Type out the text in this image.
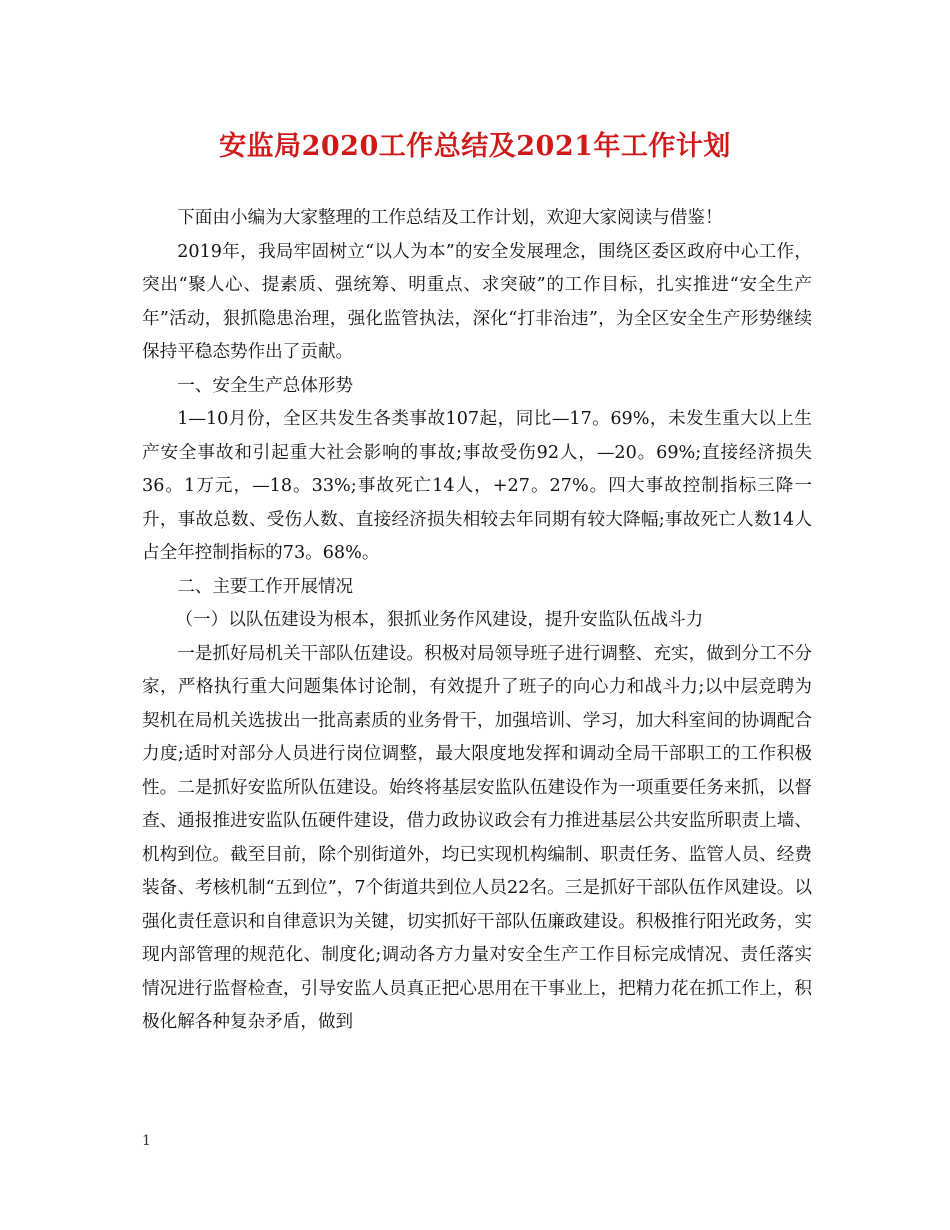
安监局2020工作总结及2021年工作计划

下面由小编为大家整理的工作总结及工作计划，欢迎大家阅读与借鉴！

2019年，我局牢固树立“以人为本”的安全发展理念，围绕区委区政府中心工作，突出“聚人心、提素质、强统筹、明重点、求突破”的工作目标，扎实推进“安全生产年”活动，狠抓隐患治理，强化监管执法，深化“打非治违”，为全区安全生产形势继续保持平稳态势作出了贡献。

一、安全生产总体形势

1—10月份，全区共发生各类事故107起，同比—17。69%，未发生重大以上生产安全事故和引起重大社会影响的事故;事故受伤92人，—20。69%;直接经济损失36。1万元，—18。33%;事故死亡14人，+27。27%。四大事故控制指标三降一升，事故总数、受伤人数、直接经济损失相较去年同期有较大降幅;事故死亡人数14人占全年控制指标的73。68%。

二、主要工作开展情况

（一）以队伍建设为根本，狠抓业务作风建设，提升安监队伍战斗力

一是抓好局机关干部队伍建设。积极对局领导班子进行调整、充实，做到分工不分家，严格执行重大问题集体讨论制，有效提升了班子的向心力和战斗力;以中层竞聘为契机在局机关选拔出一批高素质的业务骨干，加强培训、学习，加大科室间的协调配合力度;适时对部分人员进行岗位调整，最大限度地发挥和调动全局干部职工的工作积极性。二是抓好安监所队伍建设。始终将基层安监队伍建设作为一项重要任务来抓，以督查、通报推进安监队伍硬件建设，借力政协议政会有力推进基层公共安监所职责上墙、机构到位。截至目前，除个别街道外，均已实现机构编制、职责任务、监管人员、经费装备、考核机制“五到位”，7个街道共到位人员22名。三是抓好干部队伍作风建设。以强化责任意识和自律意识为关键，切实抓好干部队伍廉政建设。积极推行阳光政务，实现内部管理的规范化、制度化;调动各方力量对安全生产工作目标完成情况、责任落实情况进行监督检查，引导安监人员真正把心思用在干事业上，把精力花在抓工作上，积极化解各种复杂矛盾，做到

1
